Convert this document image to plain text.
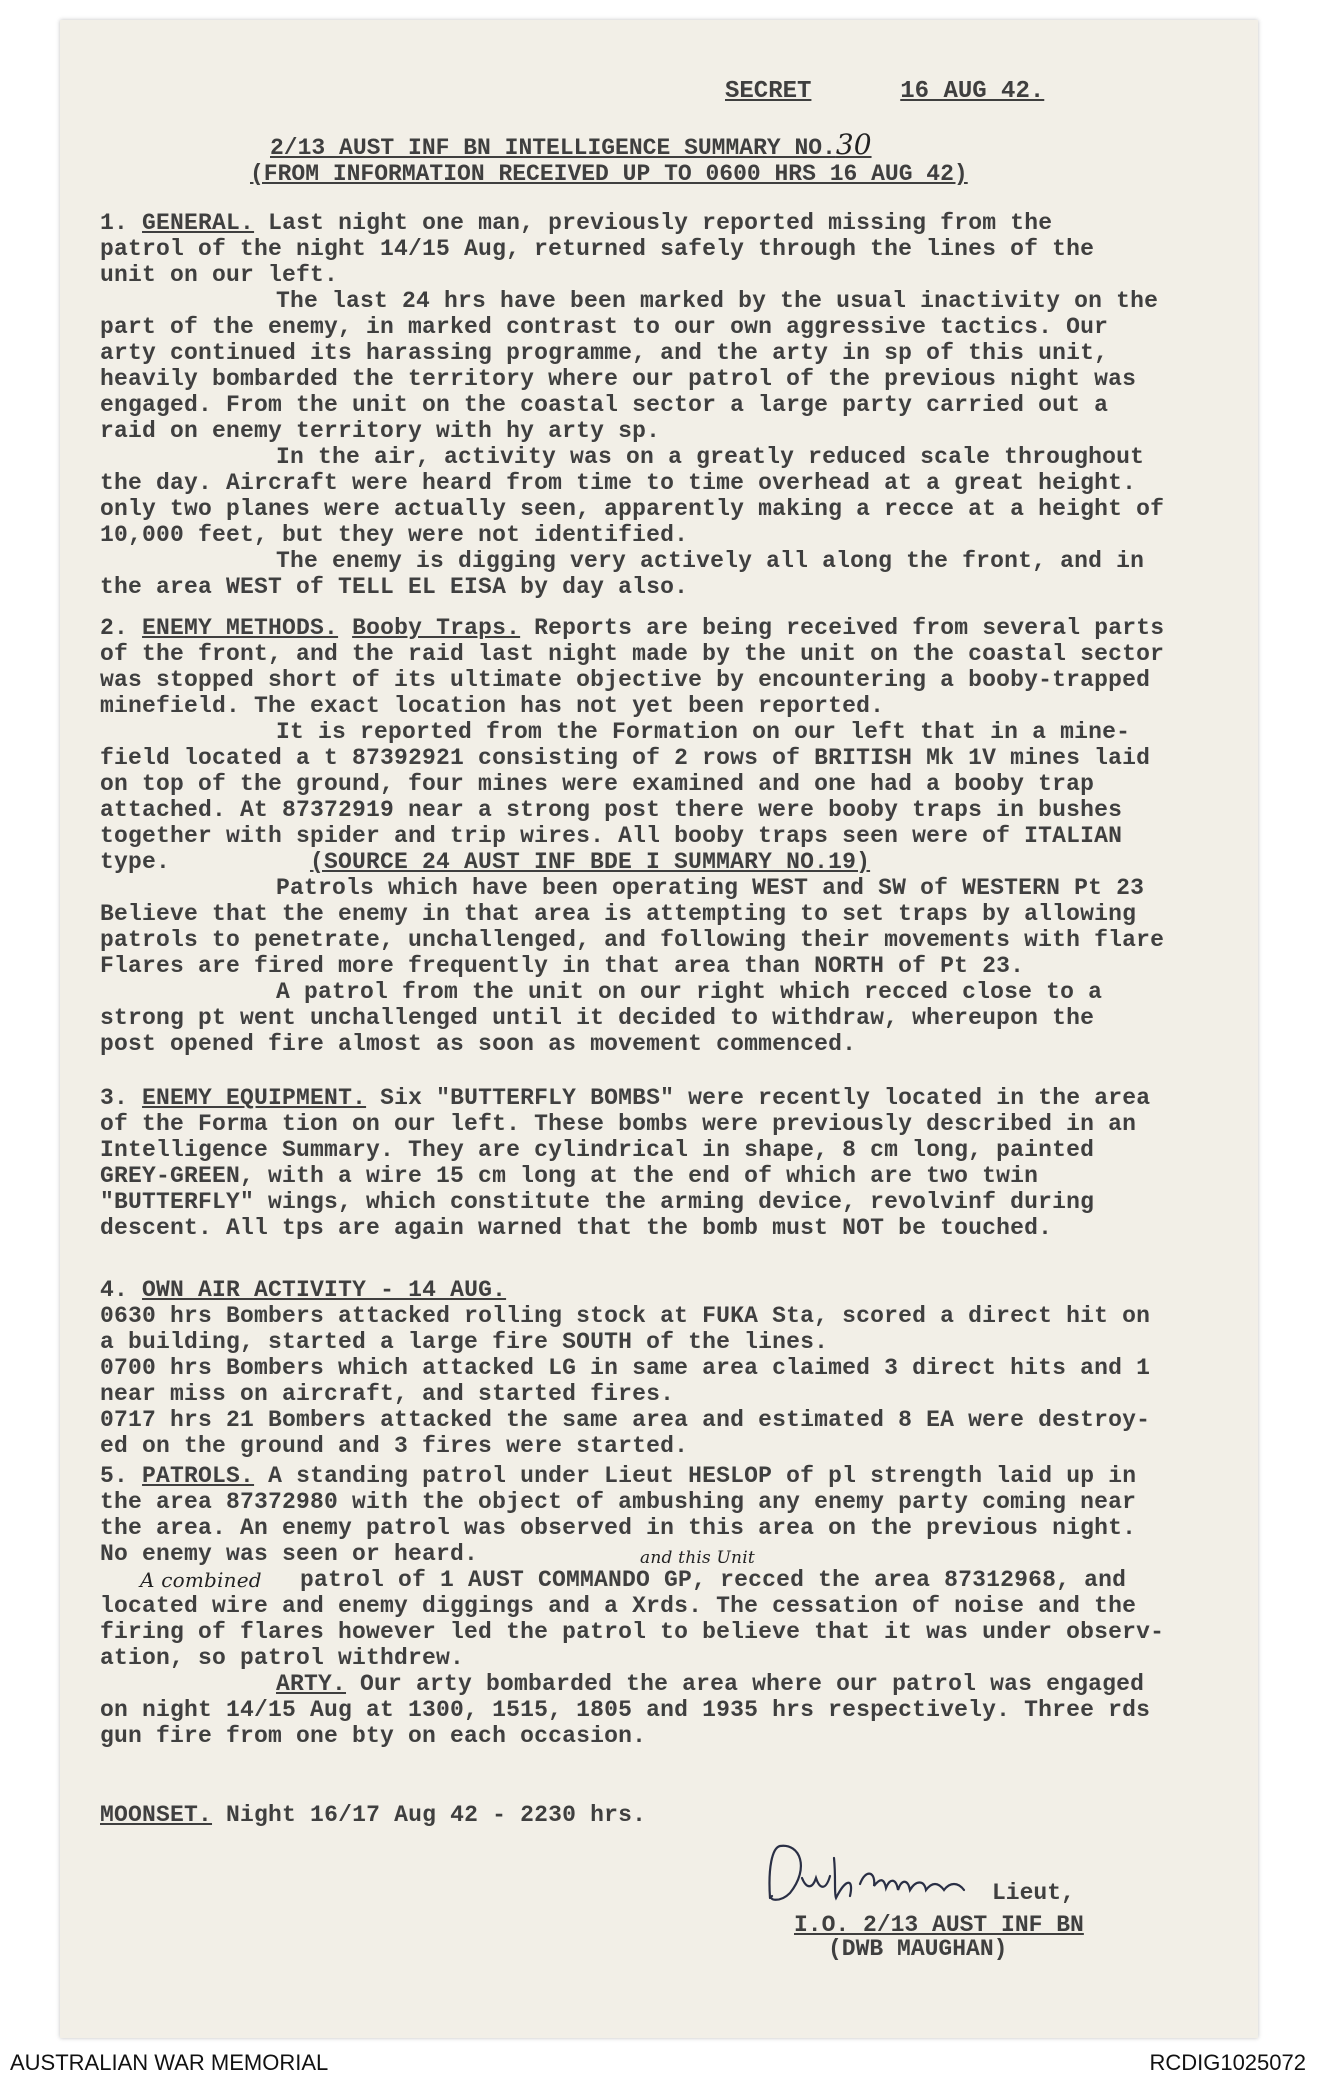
SECRET	16 AUG 42.
2/13 AUST INF BN INTELLIGENCE SUMMARY NO.30
(FROM INFORMATION RECEIVED UP TO 0600 HRS 16 AUG 42)

1. GENERAL. Last night one man, previously reported missing from the
patrol of the night 14/15 Aug, returned safely through the lines of the
unit on our left.

The last 24 hrs have been marked by the usual inactivity on the
part of the enemy, in marked contrast to our own aggressive tactics. Our
arty continued its harassing programme, and the arty in sp of this unit,
heavily bombarded the territory where our patrol of the previous night was
engaged. From the unit on the coastal sector a large party carried out a
raid on enemy territory with hy arty sp.

In the air, activity was on a greatly reduced scale throughout
the day. Aircraft were heard from time to time overhead at a great height.
only two planes were actually seen, apparently making a recce at a height of
10,000 feet, but they were not identified.

The enemy is digging very actively all along the front, and in
the area WEST of TELL EL EISA by day also.

2. ENEMY METHODS. Booby Traps. Reports are being received from several parts
of the front, and the raid last night made by the unit on the coastal sector
was stopped short of its ultimate objective by encountering a booby-trapped
minefield. The exact location has not yet been reported.

It is reported from the Formation on our left that in a mine-
field located a t 87392921 consisting of 2 rows of BRITISH Mk 1V mines laid
on top of the ground, four mines were examined and one had a booby trap
attached. At 87372919 near a strong post there were booby traps in bushes
together with spider and trip wires. All booby traps seen were of ITALIAN
type.	(SOURCE 24 AUST INF BDE I SUMMARY NO.19)

Patrols which have been operating WEST and SW of WESTERN Pt 23
Believe that the enemy in that area is attempting to set traps by allowing
patrols to penetrate, unchallenged, and following their movements with flare
Flares are fired more frequently in that area than NORTH of Pt 23.

A patrol from the unit on our right which recced close to a
strong pt went unchallenged until it decided to withdraw, whereupon the
post opened fire almost as soon as movement commenced.

3. ENEMY EQUIPMENT. Six "BUTTERFLY BOMBS" were recently located in the area
of the Forma tion on our left. These bombs were previously described in an
Intelligence Summary. They are cylindrical in shape, 8 cm long, painted
GREY-GREEN, with a wire 15 cm long at the end of which are two twin
"BUTTERFLY" wings, which constitute the arming device, revolvinf during
descent. All tps are again warned that the bomb must NOT be touched.

4. OWN AIR ACTIVITY - 14 AUG.

0630 hrs Bombers attacked rolling stock at FUKA Sta, scored a direct hit on
a building, started a large fire SOUTH of the lines.

0700 hrs Bombers which attacked LG in same area claimed 3 direct hits and 1
near miss on aircraft, and started fires.

0717 hrs 21 Bombers attacked the same area and estimated 8 EA were destroy-
ed on the ground and 3 fires were started.

5. PATROLS. A standing patrol under Lieut HESLOP of pl strength laid up in
the area 87372980 with the object of ambushing any enemy party coming near
the area. An enemy patrol was observed in this area on the previous night.
No enemy was seen or heard.	and this Unit
A combined patrol of 1 AUST COMMANDO GP, recced the area 87312968, and

located wire and enemy diggings and a Xrds. The cessation of noise and the
firing of flares however led the patrol to believe that it was under observ-
ation, so patrol withdrew.

ARTY. Our arty bombarded the area where our patrol was engaged
on night 14/15 Aug at 1300, 1515, 1805 and 1935 hrs respectively. Three rds
gun fire from one bty on each occasion.

MOONSET. Night 16/17 Aug 42 - 2230 hrs.

Lieut,
I.O. 2/13 AUST INF BN
(DWB MAUGHAN)
AUSTRALIAN WAR MEMORIAL	RCDIG1025072
